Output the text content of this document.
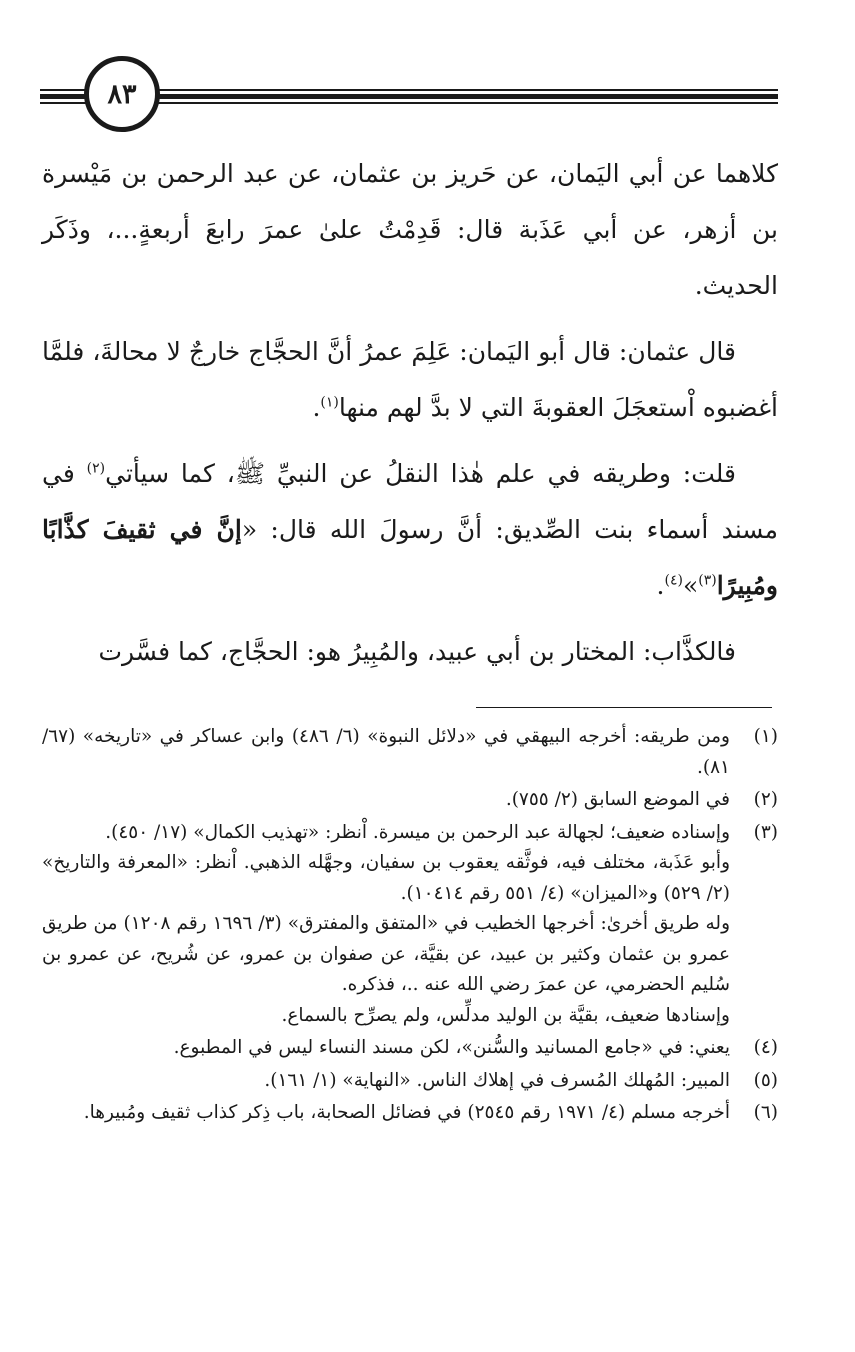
٨٣

كلاهما عن أبي اليَمان، عن حَريز بن عثمان، عن عبد الرحمن بن مَيْسرة بن أزهر، عن أبي عَذَبة قال: قَدِمْتُ علىٰ عمرَ رابعَ أربعةٍ...، وذَكَر الحديث.

قال عثمان: قال أبو اليَمان: عَلِمَ عمرُ أنَّ الحجَّاج خارجٌ لا محالةَ، فلمَّا أغضبوه اْستعجَلَ العقوبةَ التي لا بدَّ لهم منها$^{(١)}$.

قلت: وطريقه في علم هٰذا النقلُ عن النبيِّ ﷺ، كما سيأتي$^{(٢)}$ في مسند أسماء بنت الصِّديق: أنَّ رسولَ الله قال: «إنَّ في ثقيفَ كذَّابًا ومُبِيرًا$^{(٣)}$»$^{(٤)}$.

فالكذَّاب: المختار بن أبي عبيد، والمُبِيرُ هو: الحجَّاج، كما فسَّرت

(١)
ومن طريقه: أخرجه البيهقي في «دلائل النبوة» (٦/ ٤٨٦) وابن عساكر في «تاريخه» (٦٧/ ٨١).
(٢)
في الموضع السابق (٢/ ٧٥٥).
(٣)
وإسناده ضعيف؛ لجهالة عبد الرحمن بن ميسرة. اْنظر: «تهذيب الكمال» (١٧/ ٤٥٠).
وأبو عَذَبة، مختلف فيه، فوثَّقه يعقوب بن سفيان، وجهَّله الذهبي. اْنظر: «المعرفة والتاريخ» (٢/ ٥٢٩) و«الميزان» (٤/ ٥٥١ رقم ١٠٤١٤).
وله طريق أخرىٰ: أخرجها الخطيب في «المتفق والمفترق» (٣/ ١٦٩٦ رقم ١٢٠٨) من طريق عمرو بن عثمان وكثير بن عبيد، عن بقيَّة، عن صفوان بن عمرو، عن شُريح، عن عمرو بن سُليم الحضرمي، عن عمرَ رضي الله عنه ..، فذكره.
وإسنادها ضعيف، بقيَّة بن الوليد مدلِّس، ولم يصرِّح بالسماع.
(٤)
يعني: في «جامع المسانيد والسُّنن»، لكن مسند النساء ليس في المطبوع.
(٥)
المبير: المُهلك المُسرف في إهلاك الناس. «النهاية» (١/ ١٦١).
(٦)
أخرجه مسلم (٤/ ١٩٧١ رقم ٢٥٤٥) في فضائل الصحابة، باب ذِكر كذاب ثقيف ومُبيرها.
